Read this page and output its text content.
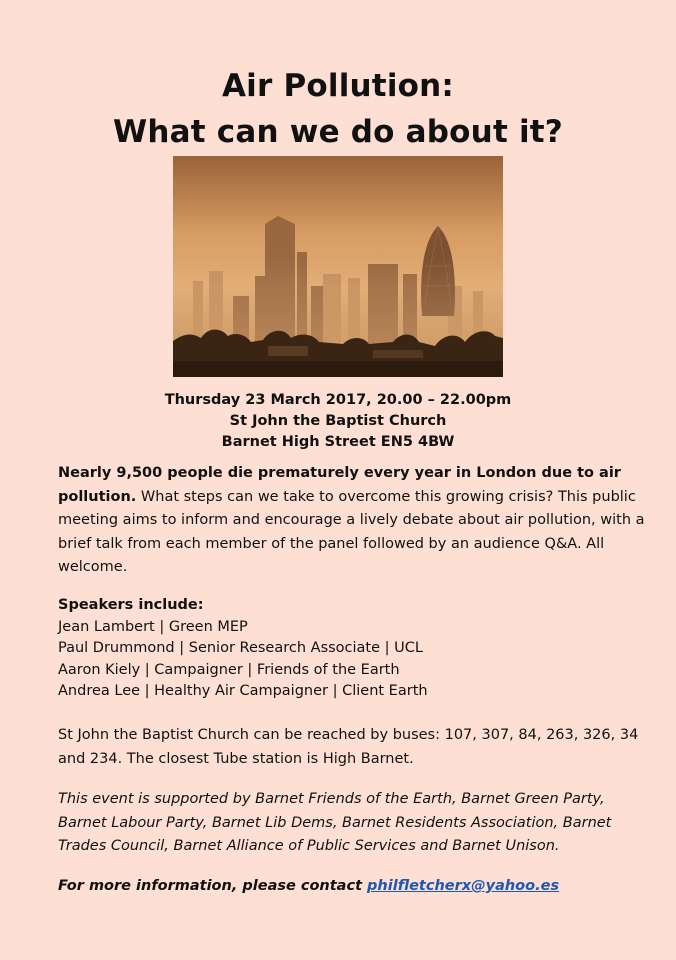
Air Pollution:
What can we do about it?
Thursday 23 March 2017, 20.00 – 22.00pm
St John the Baptist Church
Barnet High Street EN5 4BW

Nearly 9,500 people die prematurely every year in London due to air pollution. What steps can we take to overcome this growing crisis? This public meeting aims to inform and encourage a lively debate about air pollution, with a brief talk from each member of the panel followed by an audience Q&A. All welcome.

Speakers include:
Jean Lambert | Green MEP
Paul Drummond | Senior Research Associate | UCL
Aaron Kiely | Campaigner | Friends of the Earth
Andrea Lee | Healthy Air Campaigner | Client Earth

St John the Baptist Church can be reached by buses: 107, 307, 84, 263, 326, 34 and 234. The closest Tube station is High Barnet.

This event is supported by Barnet Friends of the Earth, Barnet Green Party, Barnet Labour Party, Barnet Lib Dems, Barnet Residents Association, Barnet Trades Council, Barnet Alliance of Public Services and Barnet Unison.

For more information, please contact philfletcherx@yahoo.es
